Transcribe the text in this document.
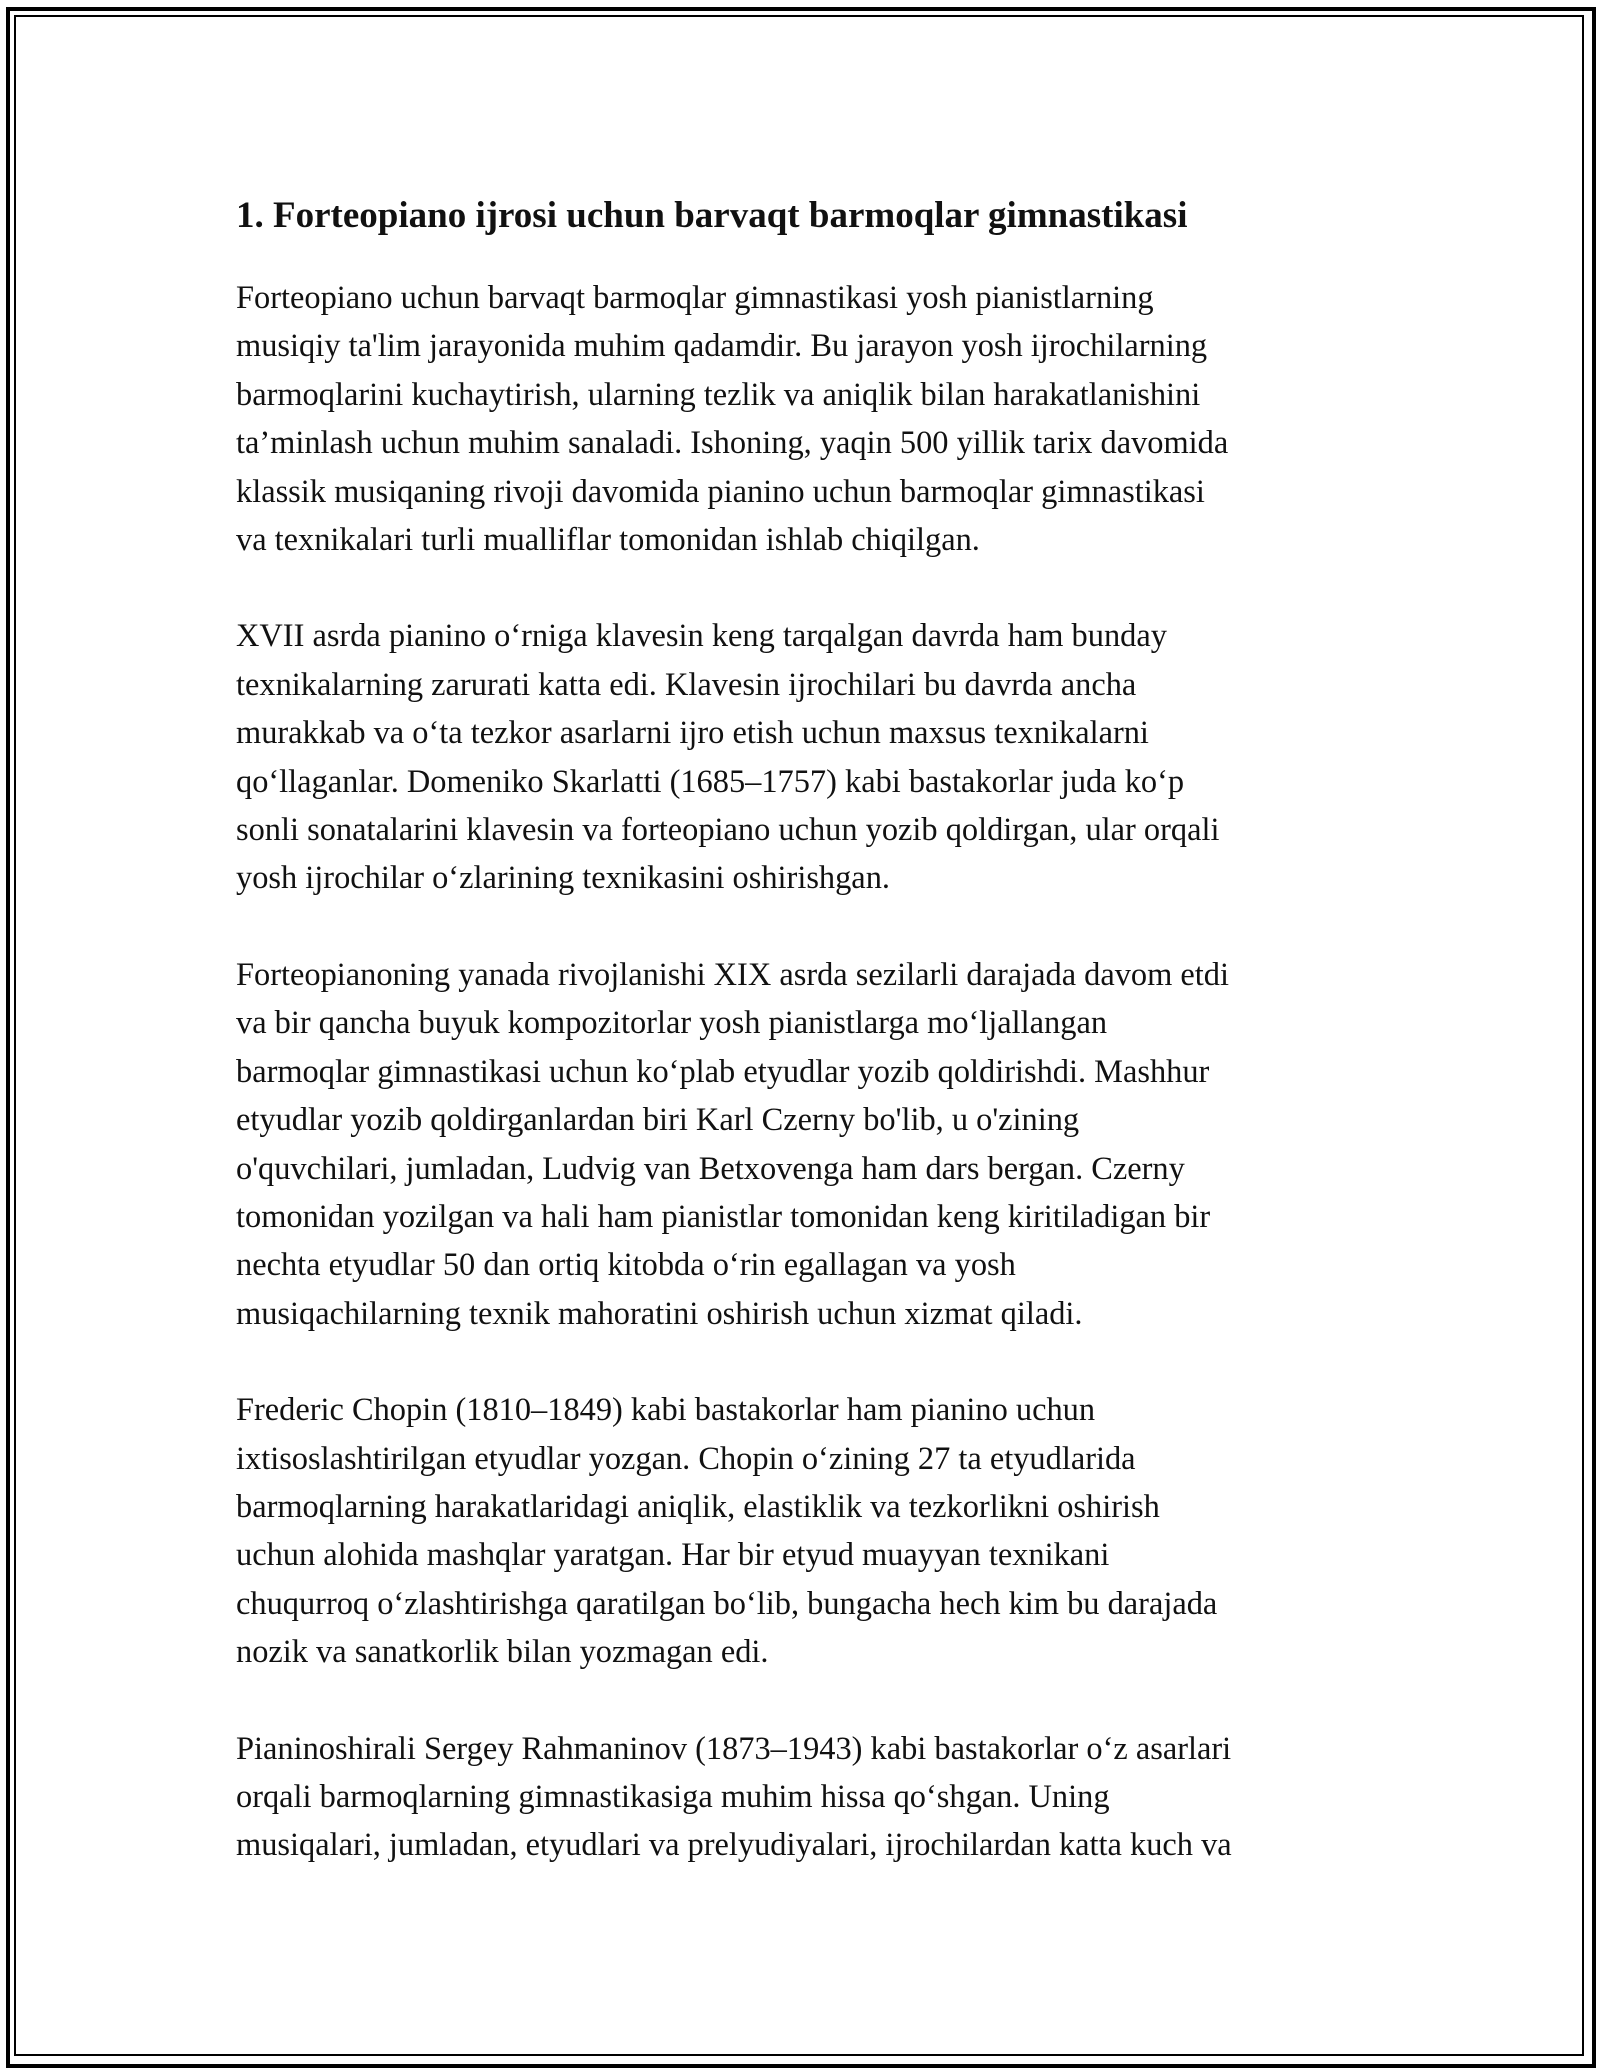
1. Forteopiano ijrosi uchun barvaqt barmoqlar gimnastikasi

Forteopiano uchun barvaqt barmoqlar gimnastikasi yosh pianistlarning
musiqiy ta'lim jarayonida muhim qadamdir. Bu jarayon yosh ijrochilarning
barmoqlarini kuchaytirish, ularning tezlik va aniqlik bilan harakatlanishini
ta’minlash uchun muhim sanaladi. Ishoning, yaqin 500 yillik tarix davomida
klassik musiqaning rivoji davomida pianino uchun barmoqlar gimnastikasi
va texnikalari turli mualliflar tomonidan ishlab chiqilgan.

XVII asrda pianino oʻrniga klavesin keng tarqalgan davrda ham bunday
texnikalarning zarurati katta edi. Klavesin ijrochilari bu davrda ancha
murakkab va oʻta tezkor asarlarni ijro etish uchun maxsus texnikalarni
qoʻllaganlar. Domeniko Skarlatti (1685–1757) kabi bastakorlar juda koʻp
sonli sonatalarini klavesin va forteopiano uchun yozib qoldirgan, ular orqali
yosh ijrochilar oʻzlarining texnikasini oshirishgan.

Forteopianoning yanada rivojlanishi XIX asrda sezilarli darajada davom etdi
va bir qancha buyuk kompozitorlar yosh pianistlarga moʻljallangan
barmoqlar gimnastikasi uchun koʻplab etyudlar yozib qoldirishdi. Mashhur
etyudlar yozib qoldirganlardan biri Karl Czerny bo'lib, u o'zining
o'quvchilari, jumladan, Ludvig van Betxovenga ham dars bergan. Czerny
tomonidan yozilgan va hali ham pianistlar tomonidan keng kiritiladigan bir
nechta etyudlar 50 dan ortiq kitobda oʻrin egallagan va yosh
musiqachilarning texnik mahoratini oshirish uchun xizmat qiladi.

Frederic Chopin (1810–1849) kabi bastakorlar ham pianino uchun
ixtisoslashtirilgan etyudlar yozgan. Chopin oʻzining 27 ta etyudlarida
barmoqlarning harakatlaridagi aniqlik, elastiklik va tezkorlikni oshirish
uchun alohida mashqlar yaratgan. Har bir etyud muayyan texnikani
chuqurroq oʻzlashtirishga qaratilgan boʻlib, bungacha hech kim bu darajada
nozik va sanatkorlik bilan yozmagan edi.

Pianinoshirali Sergey Rahmaninov (1873–1943) kabi bastakorlar oʻz asarlari
orqali barmoqlarning gimnastikasiga muhim hissa qoʻshgan. Uning
musiqalari, jumladan, etyudlari va prelyudiyalari, ijrochilardan katta kuch va
